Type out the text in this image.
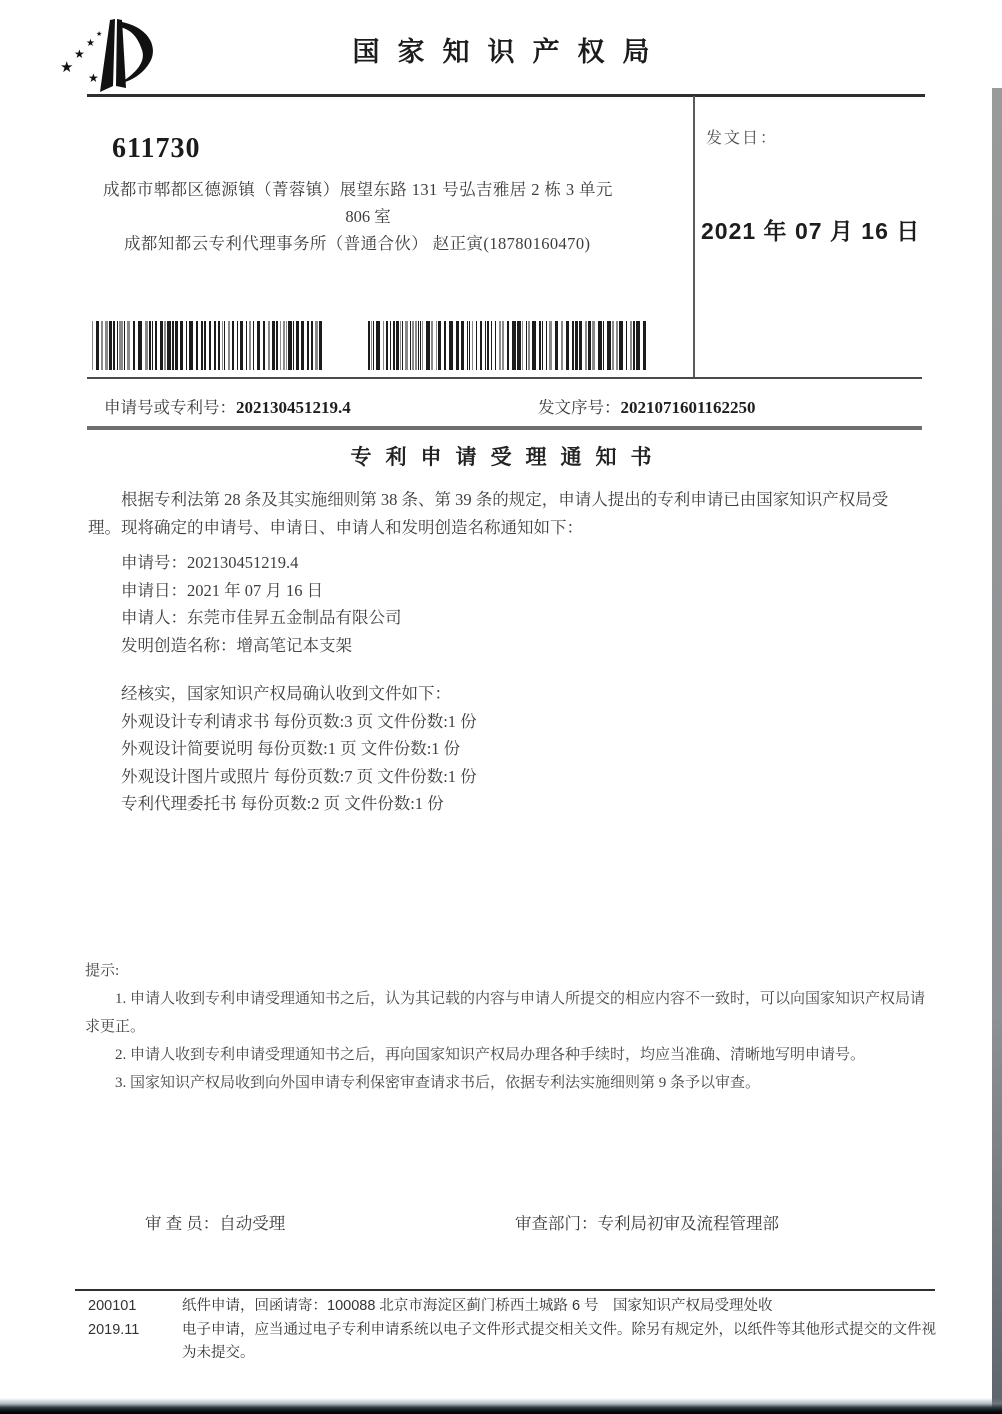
★
★
★
★
★
国家知识产权局
发文日：
2021 年 07 月 16 日
611730
成都市郫都区德源镇（菁蓉镇）展望东路 131 号弘吉雅居 2 栋 3 单元
806 室
成都知都云专利代理事务所（普通合伙） 赵正寅(18780160470)
申请号或专利号：202130451219.4	发文序号：2021071601162250
专利申请受理通知书

根据专利法第 28 条及其实施细则第 38 条、第 39 条的规定，申请人提出的专利申请已由国家知识产权局受理。现将确定的申请号、申请日、申请人和发明创造名称通知如下：

申请号：202130451219.4
申请日：2021 年 07 月 16 日
申请人：东莞市佳昇五金制品有限公司
发明创造名称：增高笔记本支架
经核实，国家知识产权局确认收到文件如下：
外观设计专利请求书 每份页数:3 页 文件份数:1 份
外观设计简要说明 每份页数:1 页 文件份数:1 份
外观设计图片或照片 每份页数:7 页 文件份数:1 份
专利代理委托书 每份页数:2 页 文件份数:1 份
提示:
1. 申请人收到专利申请受理通知书之后，认为其记载的内容与申请人所提交的相应内容不一致时，可以向国家知识产权局请求更正。
2. 申请人收到专利申请受理通知书之后，再向国家知识产权局办理各种手续时，均应当准确、清晰地写明申请号。
3. 国家知识产权局收到向外国申请专利保密审查请求书后，依据专利法实施细则第 9 条予以审查。
审 查 员：自动受理	审查部门：专利局初审及流程管理部
200101	纸件申请，回函请寄：100088 北京市海淀区蓟门桥西土城路 6 号　国家知识产权局受理处收
2019.11	电子申请，应当通过电子专利申请系统以电子文件形式提交相关文件。除另有规定外，以纸件等其他形式提交的文件视为未提交。
